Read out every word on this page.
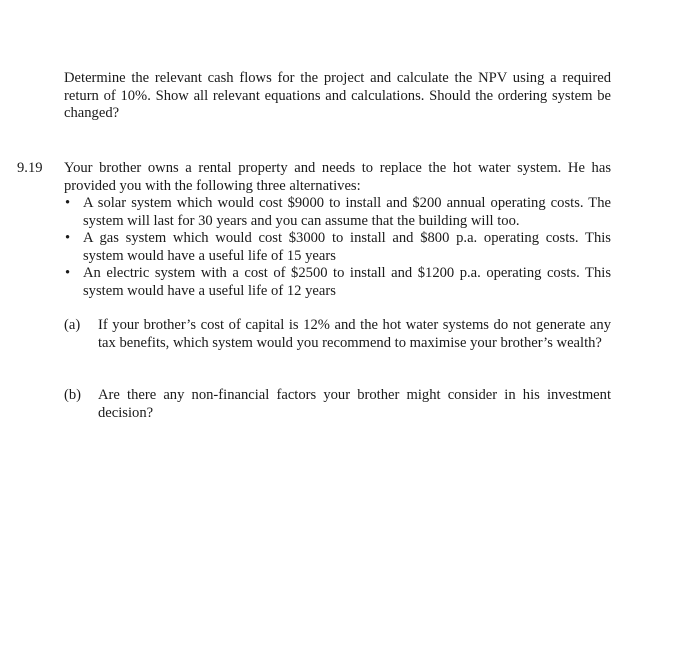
Determine the relevant cash flows for the project and calculate the NPV using a required return of 10%. Show all relevant equations and calculations. Should the ordering system be changed?
9.19 Your brother owns a rental property and needs to replace the hot water system. He has provided you with the following three alternatives:
• A solar system which would cost $9000 to install and $200 annual operating costs. The system will last for 30 years and you can assume that the building will too.
• A gas system which would cost $3000 to install and $800 p.a. operating costs. This system would have a useful life of 15 years
• An electric system with a cost of $2500 to install and $1200 p.a. operating costs. This system would have a useful life of 12 years
(a) If your brother’s cost of capital is 12% and the hot water systems do not generate any tax benefits, which system would you recommend to maximise your brother’s wealth?
(b) Are there any non-financial factors your brother might consider in his investment decision?
